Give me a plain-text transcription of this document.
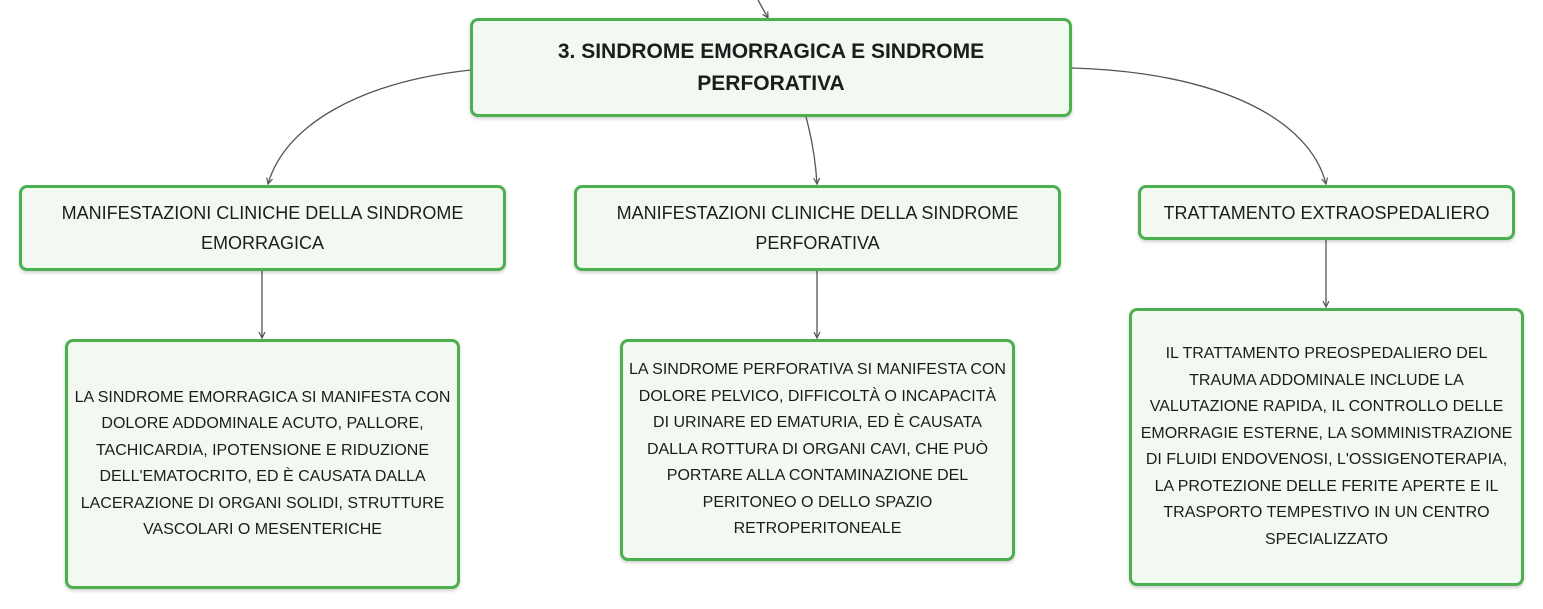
3. SINDROME EMORRAGICA E SINDROME PERFORATIVA
MANIFESTAZIONI CLINICHE DELLA SINDROME EMORRAGICA
MANIFESTAZIONI CLINICHE DELLA SINDROME PERFORATIVA
TRATTAMENTO EXTRAOSPEDALIERO
LA SINDROME EMORRAGICA SI MANIFESTA CON DOLORE ADDOMINALE ACUTO, PALLORE, TACHICARDIA, IPOTENSIONE E RIDUZIONE DELL'EMATOCRITO, ED È CAUSATA DALLA LACERAZIONE DI ORGANI SOLIDI, STRUTTURE VASCOLARI O MESENTERICHE
LA SINDROME PERFORATIVA SI MANIFESTA CON DOLORE PELVICO, DIFFICOLTÀ O INCAPACITÀ DI URINARE ED EMATURIA, ED È CAUSATA DALLA ROTTURA DI ORGANI CAVI, CHE PUÒ PORTARE ALLA CONTAMINAZIONE DEL PERITONEO O DELLO SPAZIO RETROPERITONEALE
IL TRATTAMENTO PREOSPEDALIERO DEL TRAUMA ADDOMINALE INCLUDE LA VALUTAZIONE RAPIDA, IL CONTROLLO DELLE EMORRAGIE ESTERNE, LA SOMMINISTRAZIONE DI FLUIDI ENDOVENOSI, L'OSSIGENOTERAPIA, LA PROTEZIONE DELLE FERITE APERTE E IL TRASPORTO TEMPESTIVO IN UN CENTRO SPECIALIZZATO
